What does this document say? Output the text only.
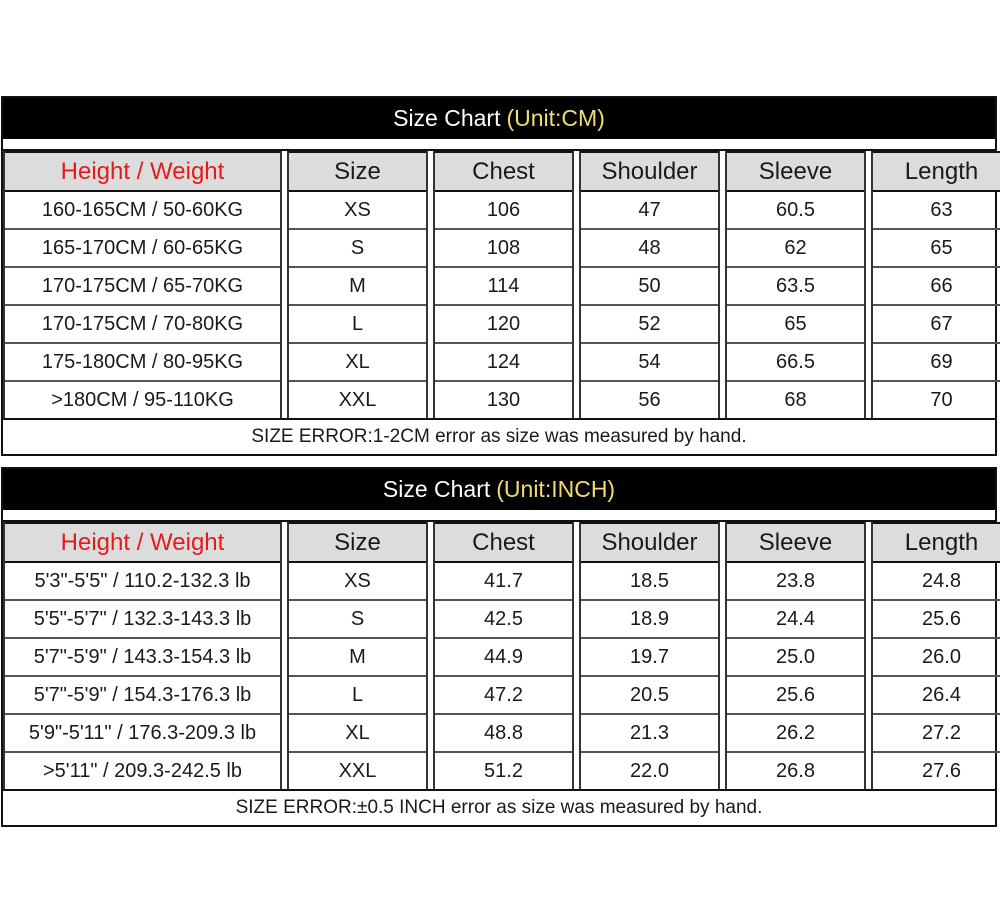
Size Chart (Unit:CM)
Height / Weight
160-165CM / 50-60KG
165-170CM / 60-65KG
170-175CM / 65-70KG
170-175CM / 70-80KG
175-180CM / 80-95KG
>180CM / 95-110KG
Size
XS
S
M
L
XL
XXL
Chest
106
108
114
120
124
130
Shoulder
47
48
50
52
54
56
Sleeve
60.5
62
63.5
65
66.5
68
Length
63
65
66
67
69
70
SIZE ERROR:1-2CM error as size was measured by hand.
Size Chart (Unit:INCH)
Height / Weight
5'3"-5'5" / 110.2-132.3 lb
5'5"-5'7" / 132.3-143.3 lb
5'7"-5'9" / 143.3-154.3 lb
5'7"-5'9" / 154.3-176.3 lb
5'9"-5'11" / 176.3-209.3 lb
>5'11" / 209.3-242.5 lb
Size
XS
S
M
L
XL
XXL
Chest
41.7
42.5
44.9
47.2
48.8
51.2
Shoulder
18.5
18.9
19.7
20.5
21.3
22.0
Sleeve
23.8
24.4
25.0
25.6
26.2
26.8
Length
24.8
25.6
26.0
26.4
27.2
27.6
SIZE ERROR:±0.5 INCH error as size was measured by hand.
